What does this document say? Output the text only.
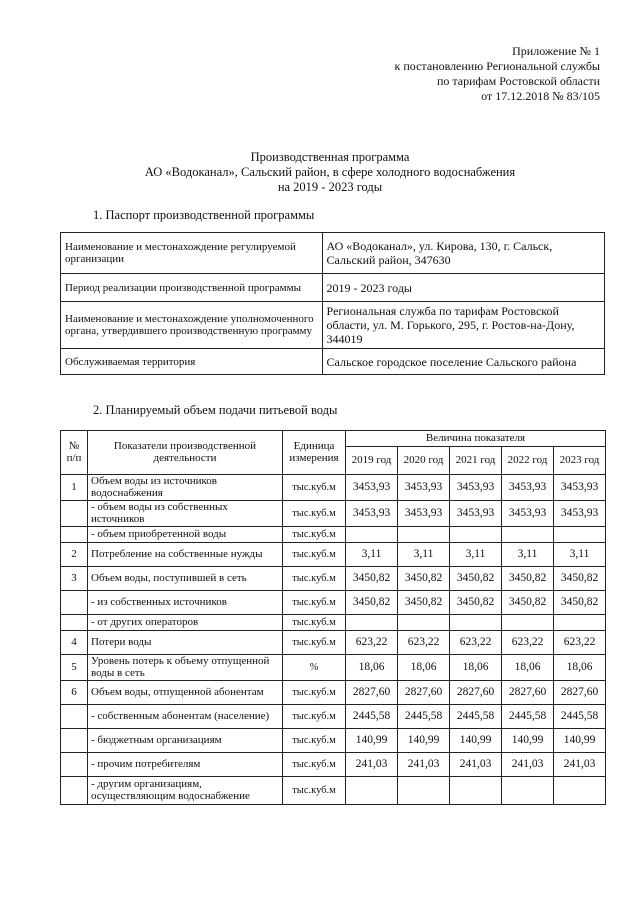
Приложение № 1
к постановлению Региональной службы
по тарифам Ростовской области
от 17.12.2018 № 83/105
Производственная программа
АО «Водоканал», Сальский район, в сфере холодного водоснабжения
на 2019 - 2023 годы
1. Паспорт производственной программы
Наименование и местонахождение регулируемой организации	АО «Водоканал», ул. Кирова, 130, г. Сальск, Сальский район, 347630
Период реализации производственной программы	2019 - 2023 годы
Наименование и местонахождение уполномоченного органа, утвердившего производственную программу	Региональная служба по тарифам Ростовской области, ул. М. Горького, 295, г. Ростов-на-Дону, 344019
Обслуживаемая территория	Сальское городское поселение Сальского района
2. Планируемый объем подачи питьевой воды
№ п/п	Показатели производственной деятельности	Единица измерения	Величина показателя				
			2019 год	2020 год	2021 год	2022 год	2023 год
1	Объем воды из источников водоснабжения	тыс.куб.м	3453,93	3453,93	3453,93	3453,93	3453,93
	- объем воды из собственных источников	тыс.куб.м	3453,93	3453,93	3453,93	3453,93	3453,93
	- объем приобретенной воды	тыс.куб.м					
2	Потребление на собственные нужды	тыс.куб.м	3,11	3,11	3,11	3,11	3,11
3	Объем воды, поступившей в сеть	тыс.куб.м	3450,82	3450,82	3450,82	3450,82	3450,82
	- из собственных источников	тыс.куб.м	3450,82	3450,82	3450,82	3450,82	3450,82
	- от других операторов	тыс.куб.м					
4	Потери воды	тыс.куб.м	623,22	623,22	623,22	623,22	623,22
5	Уровень потерь к объему отпущенной воды в сеть	%	18,06	18,06	18,06	18,06	18,06
6	Объем воды, отпущенной абонентам	тыс.куб.м	2827,60	2827,60	2827,60	2827,60	2827,60
	- собственным абонентам (население)	тыс.куб.м	2445,58	2445,58	2445,58	2445,58	2445,58
	- бюджетным организациям	тыс.куб.м	140,99	140,99	140,99	140,99	140,99
	- прочим потребителям	тыс.куб.м	241,03	241,03	241,03	241,03	241,03
	- другим организациям, осуществляющим водоснабжение	тыс.куб.м					
